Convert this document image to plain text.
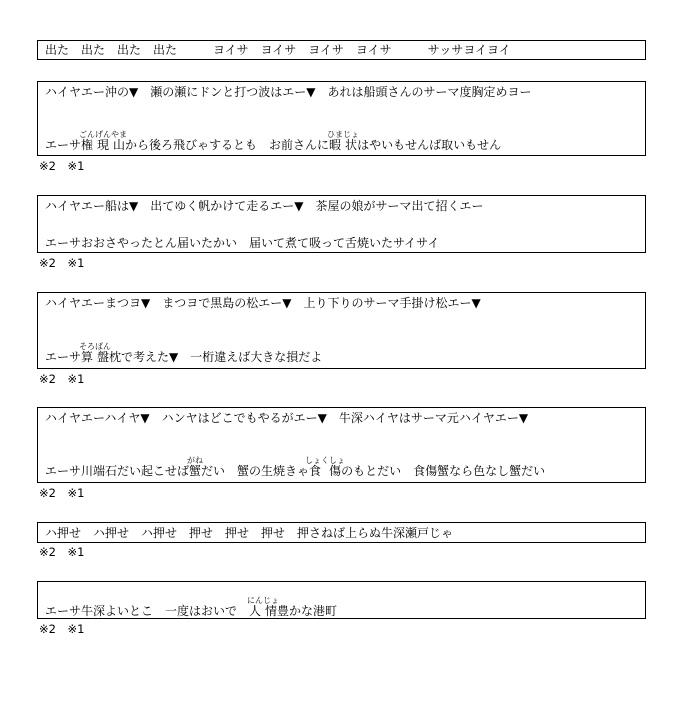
出た　出た　出た　出た　　　ヨイサ　ヨイサ　ヨイサ　ヨイサ　　　サッサヨイヨイ
ハイヤエー沖の▼　瀬の瀬にドンと打つ波はエー▼　あれは船頭さんのサーマ度胸定めヨー
エーサ権現山ごんげんやまから後ろ飛びゃするとも　お前さんに暇状ひまじょはやいもせんば取いもせん
※2　※1
ハイヤエー船は▼　出てゆく帆かけて走るエー▼　茶屋の娘がサーマ出て招くエー
エーサおおさやったとん届いたかい　届いて煮て吸って舌焼いたサイサイ
※2　※1
ハイヤエーまつヨ▼　まつヨで黒島の松エー▼　上り下りのサーマ手掛け松エー▼
エーサ算盤そろばん枕で考えた▼　一桁違えば大きな損だよ
※2　※1
ハイヤエーハイヤ▼　ハンヤはどこでもやるがエー▼　牛深ハイヤはサーマ元ハイヤエー▼
エーサ川端石だい起こせば蟹がねだい　蟹の生焼きゃ食傷しょくしょのもとだい　食傷蟹なら色なし蟹だい
※2　※1
ハ押せ　ハ押せ　ハ押せ　押せ　押せ　押せ　押さねば上らぬ牛深瀬戸じゃ
※2　※1
エーサ牛深よいとこ　一度はおいで　人情にんじょ豊かな港町
※2　※1
